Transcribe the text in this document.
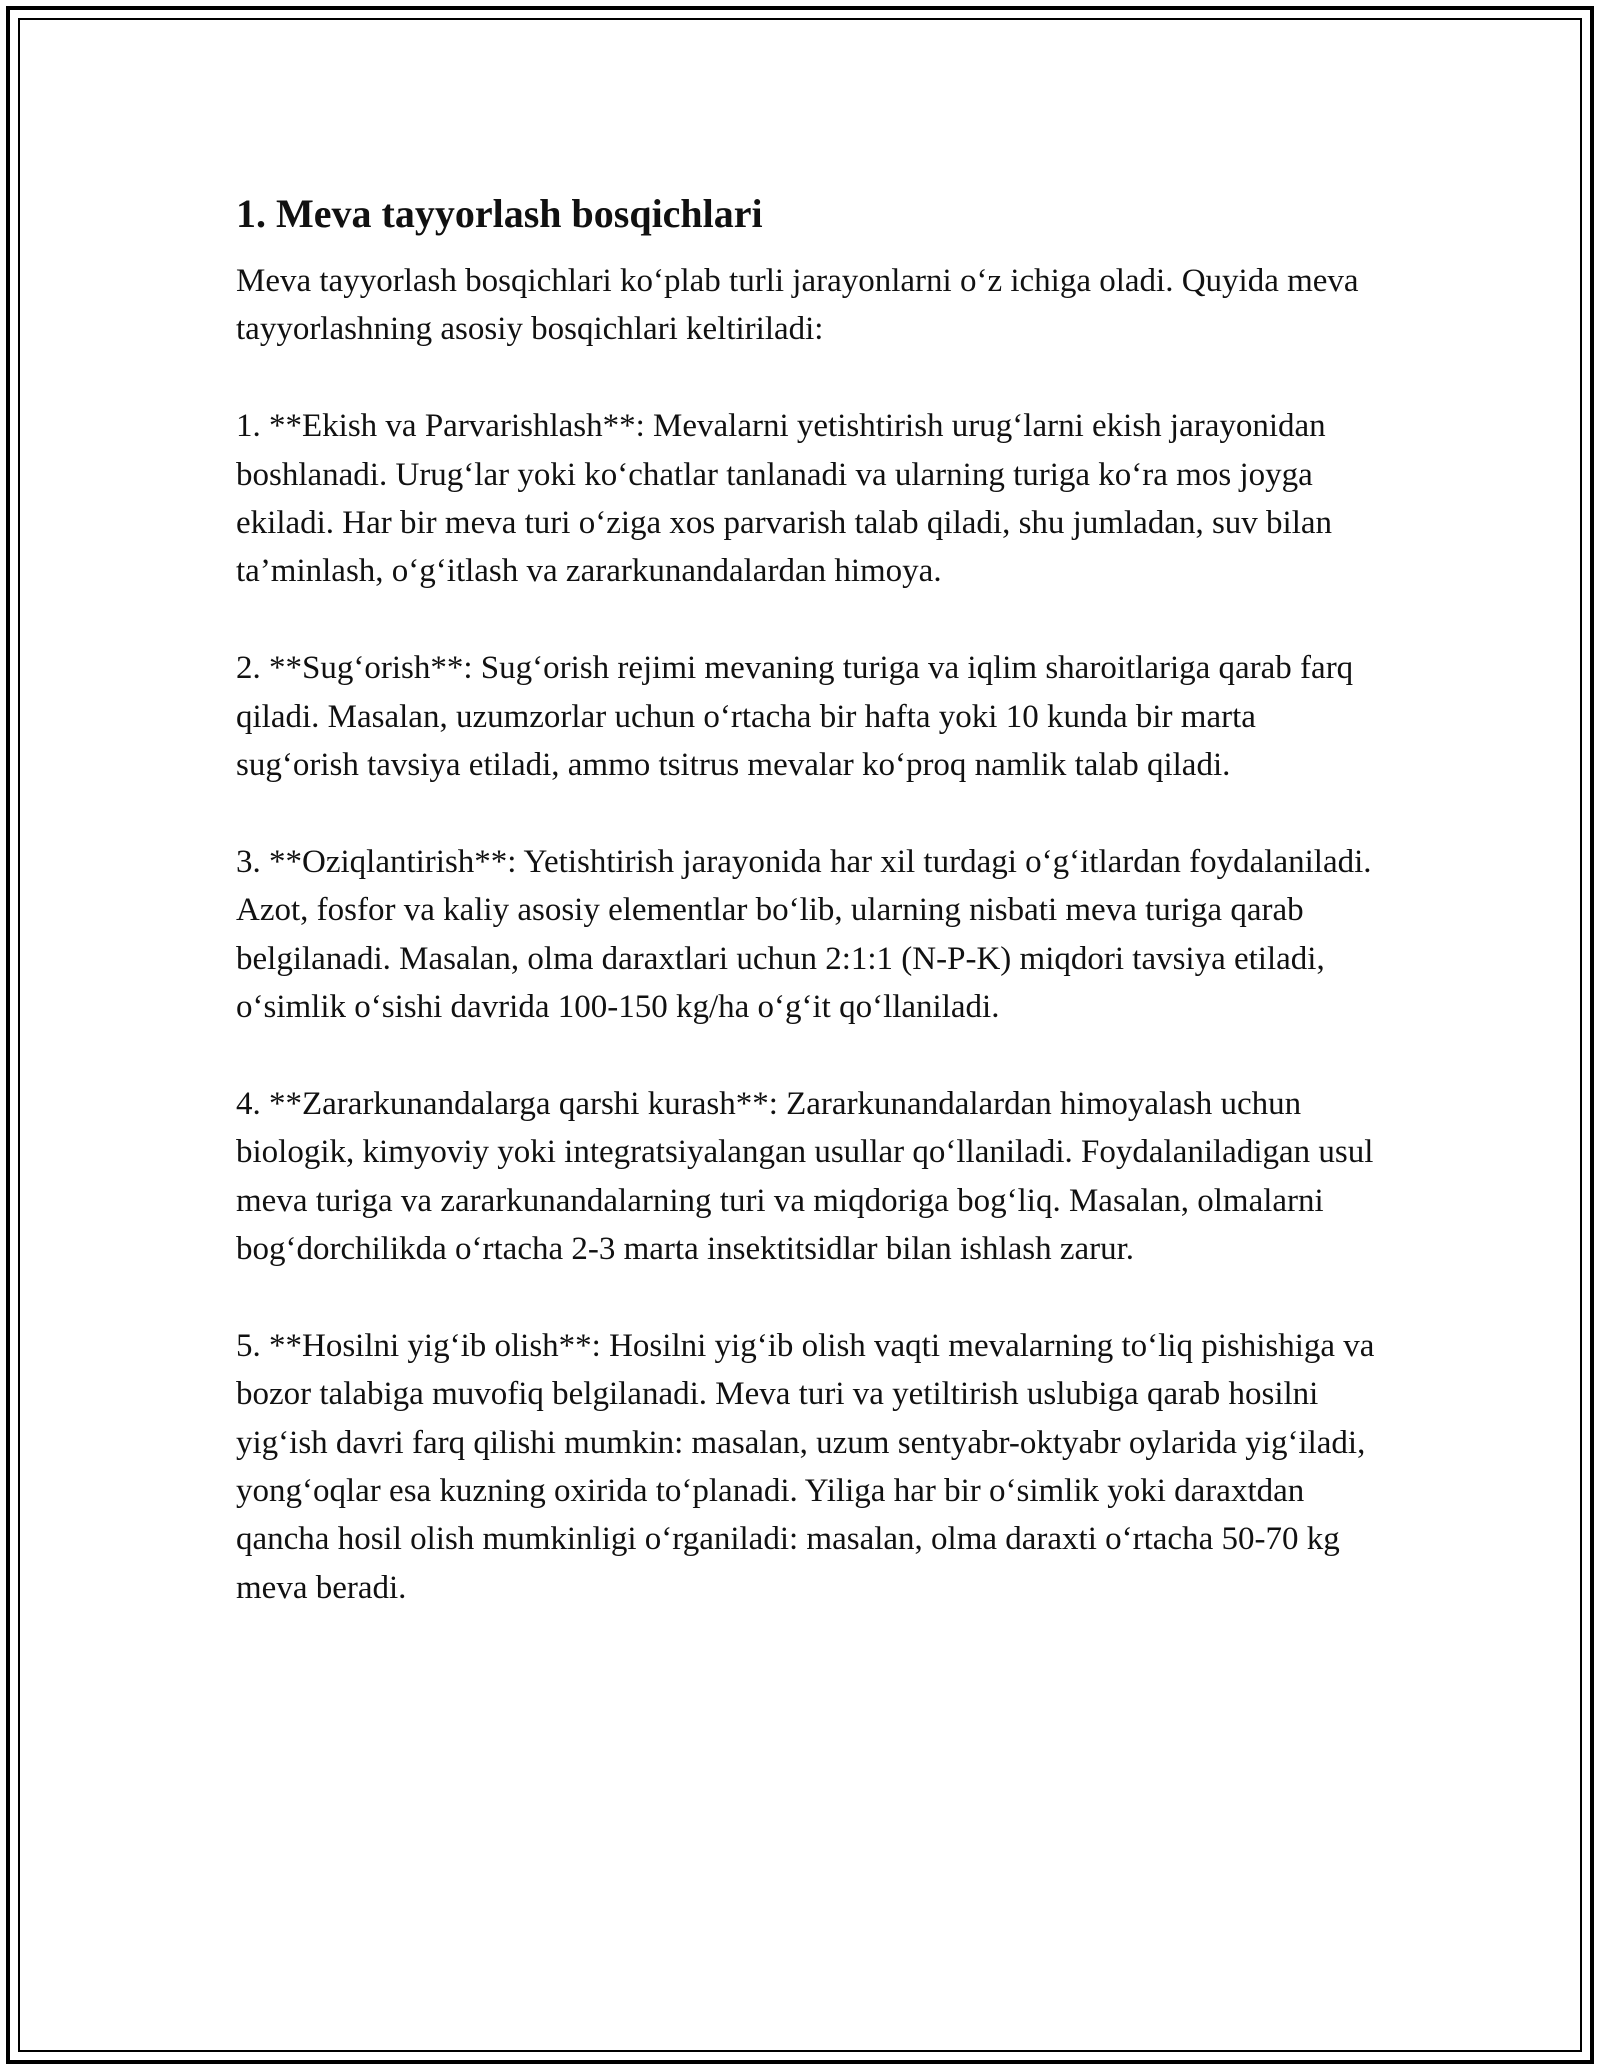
1. Meva tayyorlash bosqichlari

Meva tayyorlash bosqichlari ko‘plab turli jarayonlarni o‘z ichiga oladi. Quyida meva tayyorlashning asosiy bosqichlari keltiriladi:

1. **Ekish va Parvarishlash**: Mevalarni yetishtirish urug‘larni ekish jarayonidan boshlanadi. Urug‘lar yoki ko‘chatlar tanlanadi va ularning turiga ko‘ra mos joyga ekiladi. Har bir meva turi o‘ziga xos parvarish talab qiladi, shu jumladan, suv bilan ta’minlash, o‘g‘itlash va zararkunandalardan himoya.

2. **Sug‘orish**: Sug‘orish rejimi mevaning turiga va iqlim sharoitlariga qarab farq qiladi. Masalan, uzumzorlar uchun o‘rtacha bir hafta yoki 10 kunda bir marta sug‘orish tavsiya etiladi, ammo tsitrus mevalar ko‘proq namlik talab qiladi.

3. **Oziqlantirish**: Yetishtirish jarayonida har xil turdagi o‘g‘itlardan foydalaniladi. Azot, fosfor va kaliy asosiy elementlar bo‘lib, ularning nisbati meva turiga qarab belgilanadi. Masalan, olma daraxtlari uchun 2:1:1 (N-P-K) miqdori tavsiya etiladi, o‘simlik o‘sishi davrida 100-150 kg/ha o‘g‘it qo‘llaniladi.

4. **Zararkunandalarga qarshi kurash**: Zararkunandalardan himoyalash uchun biologik, kimyoviy yoki integratsiyalangan usullar qo‘llaniladi. Foydalaniladigan usul meva turiga va zararkunandalarning turi va miqdoriga bog‘liq. Masalan, olmalarni bog‘dorchilikda o‘rtacha 2-3 marta insektitsidlar bilan ishlash zarur.

5. **Hosilni yig‘ib olish**: Hosilni yig‘ib olish vaqti mevalarning to‘liq pishishiga va bozor talabiga muvofiq belgilanadi. Meva turi va yetiltirish uslubiga qarab hosilni yig‘ish davri farq qilishi mumkin: masalan, uzum sentyabr-oktyabr oylarida yig‘iladi, yong‘oqlar esa kuzning oxirida to‘planadi. Yiliga har bir o‘simlik yoki daraxtdan qancha hosil olish mumkinligi o‘rganiladi: masalan, olma daraxti o‘rtacha 50-70 kg meva beradi.
